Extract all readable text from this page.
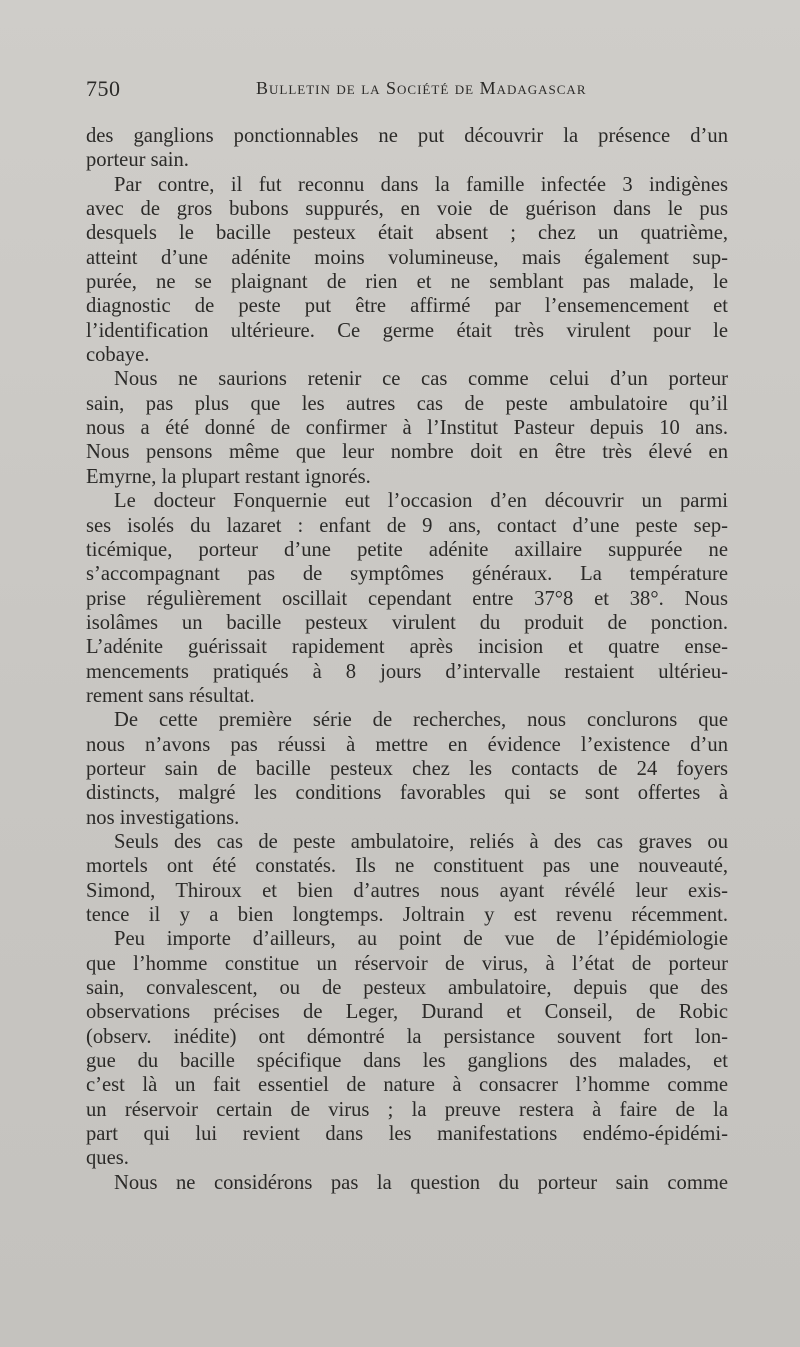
750	Bulletin de la Société de Madagascar
des ganglions ponctionnables ne put découvrir la présence d’un
porteur sain.
Par contre, il fut reconnu dans la famille infectée 3 indigènes
avec de gros bubons suppurés, en voie de guérison dans le pus
desquels le bacille pesteux était absent ; chez un quatrième,
atteint d’une adénite moins volumineuse, mais également sup-
purée, ne se plaignant de rien et ne semblant pas malade, le
diagnostic de peste put être affirmé par l’ensemencement et
l’identification ultérieure. Ce germe était très virulent pour le
cobaye.
Nous ne saurions retenir ce cas comme celui d’un porteur
sain, pas plus que les autres cas de peste ambulatoire qu’il
nous a été donné de confirmer à l’Institut Pasteur depuis 10 ans.
Nous pensons même que leur nombre doit en être très élevé en
Emyrne, la plupart restant ignorés.
Le docteur Fonquernie eut l’occasion d’en découvrir un parmi
ses isolés du lazaret : enfant de 9 ans, contact d’une peste sep-
ticémique, porteur d’une petite adénite axillaire suppurée ne
s’accompagnant pas de symptômes généraux. La température
prise régulièrement oscillait cependant entre 37°8 et 38°. Nous
isolâmes un bacille pesteux virulent du produit de ponction.
L’adénite guérissait rapidement après incision et quatre ense-
mencements pratiqués à 8 jours d’intervalle restaient ultérieu-
rement sans résultat.
De cette première série de recherches, nous conclurons que
nous n’avons pas réussi à mettre en évidence l’existence d’un
porteur sain de bacille pesteux chez les contacts de 24 foyers
distincts, malgré les conditions favorables qui se sont offertes à
nos investigations.
Seuls des cas de peste ambulatoire, reliés à des cas graves ou
mortels ont été constatés. Ils ne constituent pas une nouveauté,
Simond, Thiroux et bien d’autres nous ayant révélé leur exis-
tence il y a bien longtemps. Joltrain y est revenu récemment.
Peu importe d’ailleurs, au point de vue de l’épidémiologie
que l’homme constitue un réservoir de virus, à l’état de porteur
sain, convalescent, ou de pesteux ambulatoire, depuis que des
observations précises de Leger, Durand et Conseil, de Robic
(observ. inédite) ont démontré la persistance souvent fort lon-
gue du bacille spécifique dans les ganglions des malades, et
c’est là un fait essentiel de nature à consacrer l’homme comme
un réservoir certain de virus ; la preuve restera à faire de la
part qui lui revient dans les manifestations endémo-épidémi-
ques.
Nous ne considérons pas la question du porteur sain comme
